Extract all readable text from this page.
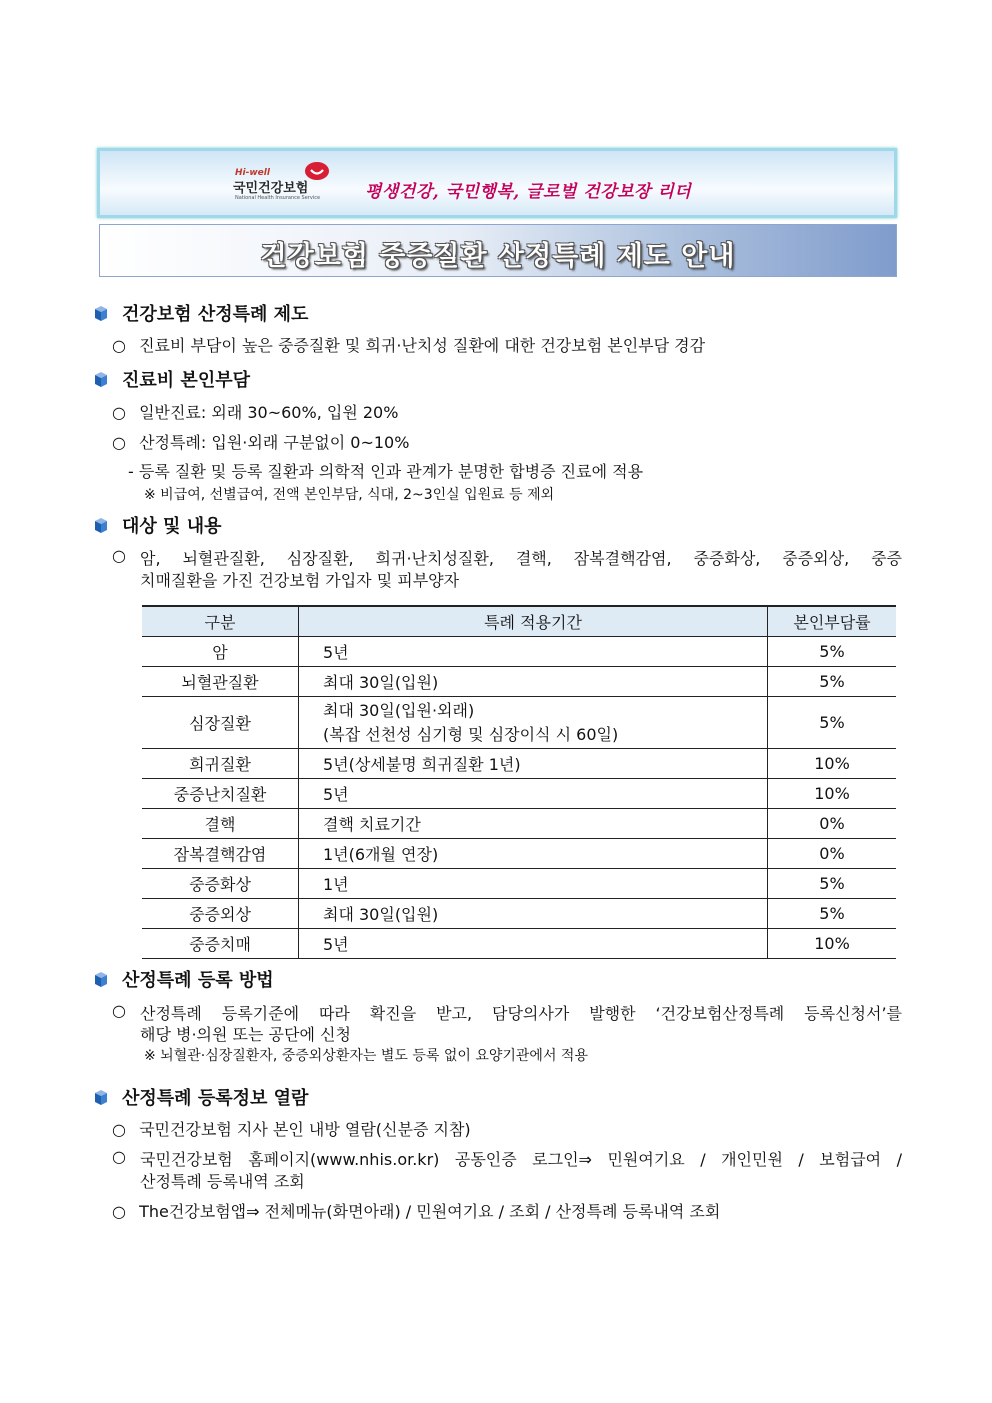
Hi-well
국민건강보험
National Health Insurance Service	평생건강, 국민행복, 글로벌 건강보장 리더
건강보험 중증질환 산정특례 제도 안내
건강보험 산정특례 제도
○ 진료비 부담이 높은 중증질환 및 희귀·난치성 질환에 대한 건강보험 본인부담 경감
진료비 본인부담
○ 일반진료: 외래 30~60%, 입원 20%
○ 산정특례: 입원·외래 구분없이 0~10%
- 등록 질환 및 등록 질환과 의학적 인과 관계가 분명한 합병증 진료에 적용
※ 비급여, 선별급여, 전액 본인부담, 식대, 2~3인실 입원료 등 제외
대상 및 내용
○ 암, 뇌혈관질환, 심장질환, 희귀·난치성질환, 결핵, 잠복결핵감염, 중증화상, 중증외상, 중증
치매질환을 가진 건강보험 가입자 및 피부양자
구분	특례 적용기간	본인부담률
암	5년	5%
뇌혈관질환	최대 30일(입원)	5%
심장질환	최대 30일(입원·외래)
(복잡 선천성 심기형 및 심장이식 시 60일)	5%
희귀질환	5년(상세불명 희귀질환 1년)	10%
중증난치질환	5년	10%
결핵	결핵 치료기간	0%
잠복결핵감염	1년(6개월 연장)	0%
중증화상	1년	5%
중증외상	최대 30일(입원)	5%
중증치매	5년	10%
산정특례 등록 방법
○ 산정특례 등록기준에 따라 확진을 받고, 담당의사가 발행한 ‘건강보험산정특례 등록신청서’를
해당 병·의원 또는 공단에 신청
※ 뇌혈관·심장질환자, 중증외상환자는 별도 등록 없이 요양기관에서 적용
산정특례 등록정보 열람
○ 국민건강보험 지사 본인 내방 열람(신분증 지참)
○ 국민건강보험 홈페이지(www.nhis.or.kr) 공동인증 로그인⇒ 민원여기요 / 개인민원 / 보험급여 /
산정특례 등록내역 조회
○ The건강보험앱⇒ 전체메뉴(화면아래) / 민원여기요 / 조회 / 산정특례 등록내역 조회
